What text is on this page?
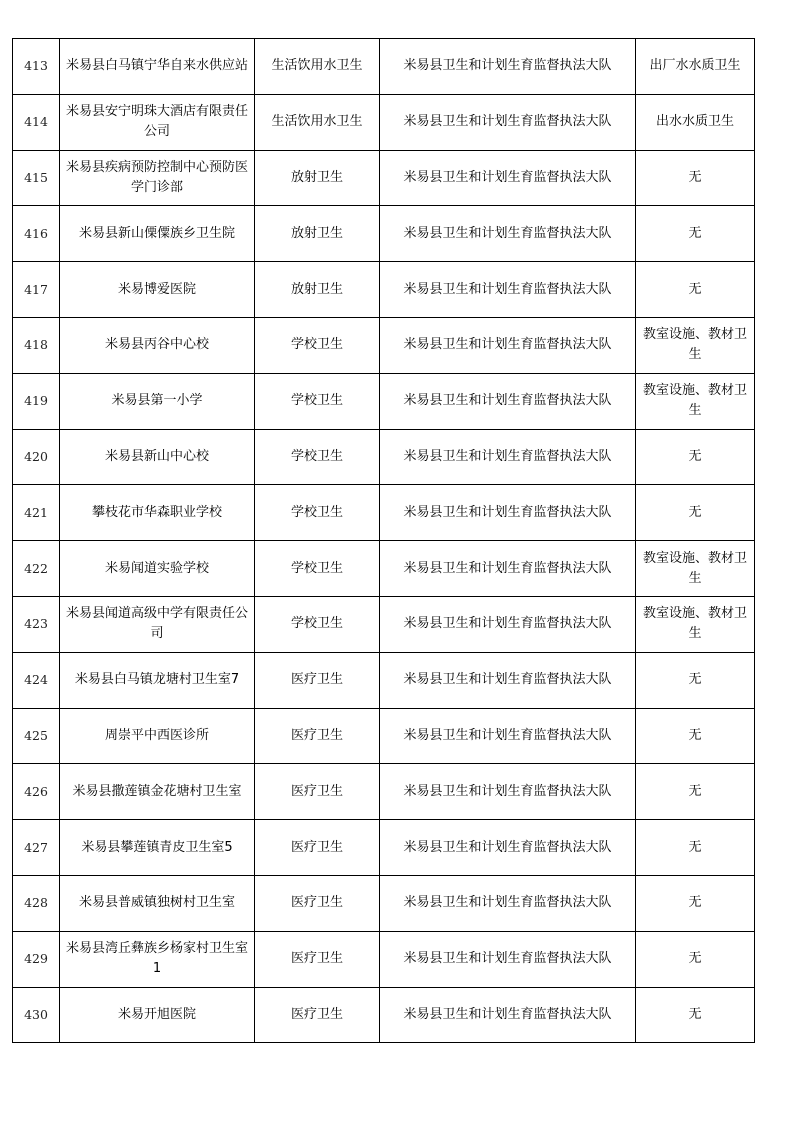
413	米易县白马镇宁华自来水供应站	生活饮用水卫生	米易县卫生和计划生育监督执法大队	出厂水水质卫生
414	米易县安宁明珠大酒店有限责任公司	生活饮用水卫生	米易县卫生和计划生育监督执法大队	出水水质卫生
415	米易县疾病预防控制中心预防医学门诊部	放射卫生	米易县卫生和计划生育监督执法大队	无
416	米易县新山傈僳族乡卫生院	放射卫生	米易县卫生和计划生育监督执法大队	无
417	米易博爱医院	放射卫生	米易县卫生和计划生育监督执法大队	无
418	米易县丙谷中心校	学校卫生	米易县卫生和计划生育监督执法大队	教室设施、教材卫生
419	米易县第一小学	学校卫生	米易县卫生和计划生育监督执法大队	教室设施、教材卫生
420	米易县新山中心校	学校卫生	米易县卫生和计划生育监督执法大队	无
421	攀枝花市华森职业学校	学校卫生	米易县卫生和计划生育监督执法大队	无
422	米易闻道实验学校	学校卫生	米易县卫生和计划生育监督执法大队	教室设施、教材卫生
423	米易县闻道高级中学有限责任公司	学校卫生	米易县卫生和计划生育监督执法大队	教室设施、教材卫生
424	米易县白马镇龙塘村卫生室7	医疗卫生	米易县卫生和计划生育监督执法大队	无
425	周崇平中西医诊所	医疗卫生	米易县卫生和计划生育监督执法大队	无
426	米易县撒莲镇金花塘村卫生室	医疗卫生	米易县卫生和计划生育监督执法大队	无
427	米易县攀莲镇青皮卫生室5	医疗卫生	米易县卫生和计划生育监督执法大队	无
428	米易县普威镇独树村卫生室	医疗卫生	米易县卫生和计划生育监督执法大队	无
429	米易县湾丘彝族乡杨家村卫生室1	医疗卫生	米易县卫生和计划生育监督执法大队	无
430	米易开旭医院	医疗卫生	米易县卫生和计划生育监督执法大队	无
